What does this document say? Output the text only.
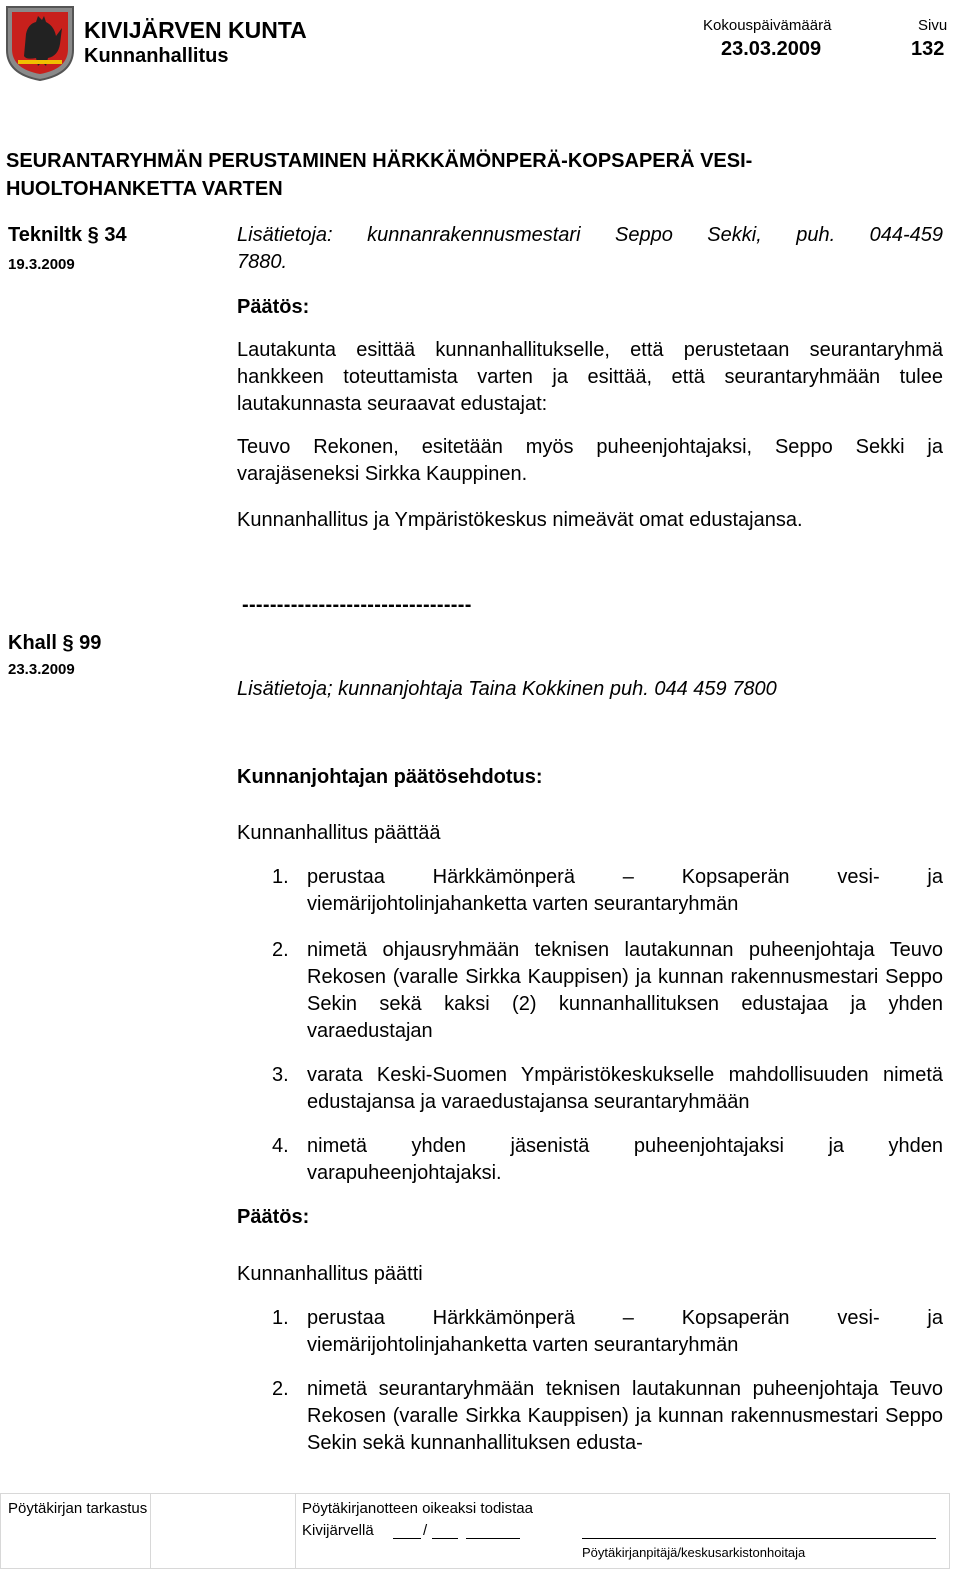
KIVIJÄRVEN KUNTA
Kunnanhallitus
Kokouspäivämäärä
23.03.2009
Sivu
132
SEURANTARYHMÄN PERUSTAMINEN HÄRKKÄMÖNPERÄ-KOPSAPERÄ VESI-
HUOLTOHANKETTA VARTEN
Tekniltk § 34
19.3.2009
Lisätietoja: kunnanrakennusmestari Seppo Sekki, puh. 044-459
7880.
Päätös:
Lautakunta esittää kunnanhallitukselle, että perustetaan seurantaryhmä hankkeen toteuttamista varten ja esittää, että seurantaryhmään tulee lautakunnasta seuraavat edustajat:
Teuvo Rekonen, esitetään myös puheenjohtajaksi, Seppo Sekki ja varajäseneksi Sirkka Kauppinen.
Kunnanhallitus ja Ympäristökeskus nimeävät omat edustajansa.
---------------------------------
Khall § 99
23.3.2009
Lisätietoja; kunnanjohtaja Taina Kokkinen puh. 044 459 7800
Kunnanjohtajan päätösehdotus:
Kunnanhallitus päättää
1. perustaa Härkkämönperä – Kopsaperän vesi- ja viemärijohtolinjahanketta varten seurantaryhmän
2. nimetä ohjausryhmään teknisen lautakunnan puheenjohtaja Teuvo Rekosen (varalle Sirkka Kauppisen) ja kunnan rakennusmestari Seppo Sekin sekä kaksi (2) kunnanhallituksen edustajaa ja yhden varaedustajan
3. varata Keski-Suomen Ympäristökeskukselle mahdollisuuden nimetä edustajansa ja varaedustajansa seurantaryhmään
4. nimetä yhden jäsenistä puheenjohtajaksi ja yhden varapuheenjohtajaksi.
Päätös:
Kunnanhallitus päätti
1. perustaa Härkkämönperä – Kopsaperän vesi- ja viemärijohtolinjahanketta varten seurantaryhmän
2. nimetä seurantaryhmään teknisen lautakunnan puheenjohtaja Teuvo Rekosen (varalle Sirkka Kauppisen) ja kunnan rakennusmestari Seppo Sekin sekä kunnanhallituksen edusta-
Pöytäkirjan tarkastus	Pöytäkirjanotteen oikeaksi todistaa
Kivijärvellä	/
Pöytäkirjanpitäjä/keskusarkistonhoitaja
